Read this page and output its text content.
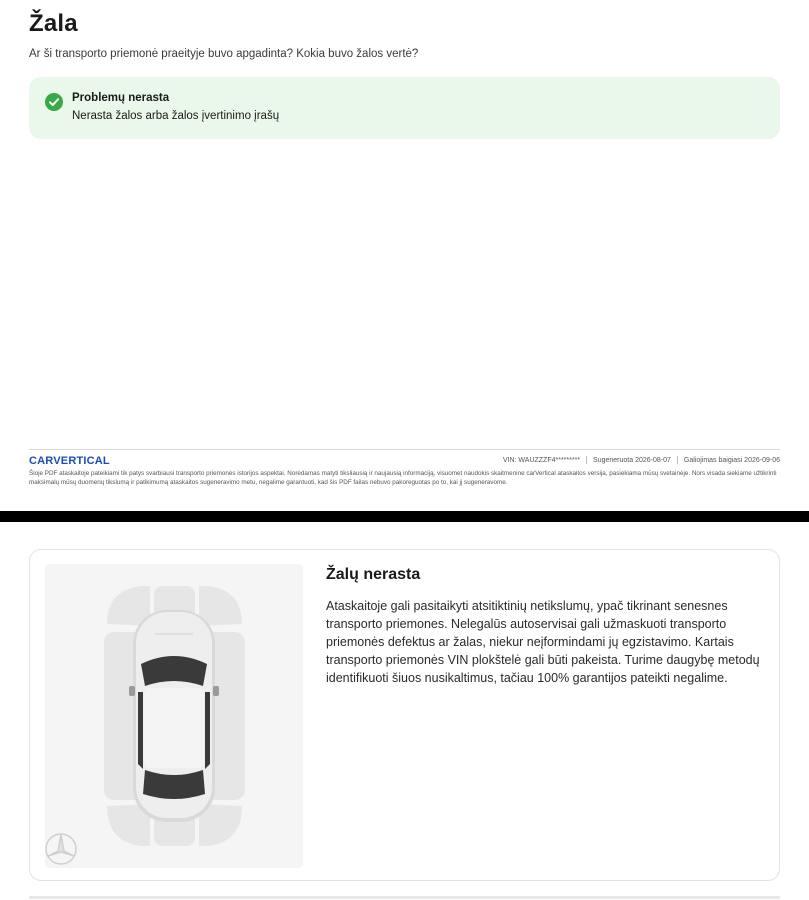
Žala
Ar ši transporto priemonė praeityje buvo apgadinta? Kokia buvo žalos vertė?
Problemų nerasta
Nerasta žalos arba žalos įvertinimo įrašų
CARVERTICAL	VIN: WAUZZZF4********* Sugeneruota 2026-08-07 Galiojimas baigiasi 2026-09-06
Šioje PDF ataskaitoje pateikiami tik patys svarbiausi transporto priemonės istorijos aspektai. Norėdamas matyti tiksliausią ir naujausią informaciją, visuomet naudokis skaitmenine carVertical ataskaitos versija, pasiekiama mūsų svetainėje. Nors visada siekiame užtikrinti maksimalų mūsų duomenų tikslumą ir patikimumą ataskaitos sugeneravimo metu, negalime garantuoti, kad šis PDF failas nebuvo pakoreguotas po to, kai jį sugeneravome.
Žalų nerasta
Ataskaitoje gali pasitaikyti atsitiktinių netikslumų, ypač tikrinant senesnes transporto priemones. Nelegalūs autoservisai gali užmaskuoti transporto priemonės defektus ar žalas, niekur neįformindami jų egzistavimo. Kartais transporto priemonės VIN plokštelė gali būti pakeista. Turime daugybę metodų identifikuoti šiuos nusikaltimus, tačiau 100% garantijos pateikti negalime.
